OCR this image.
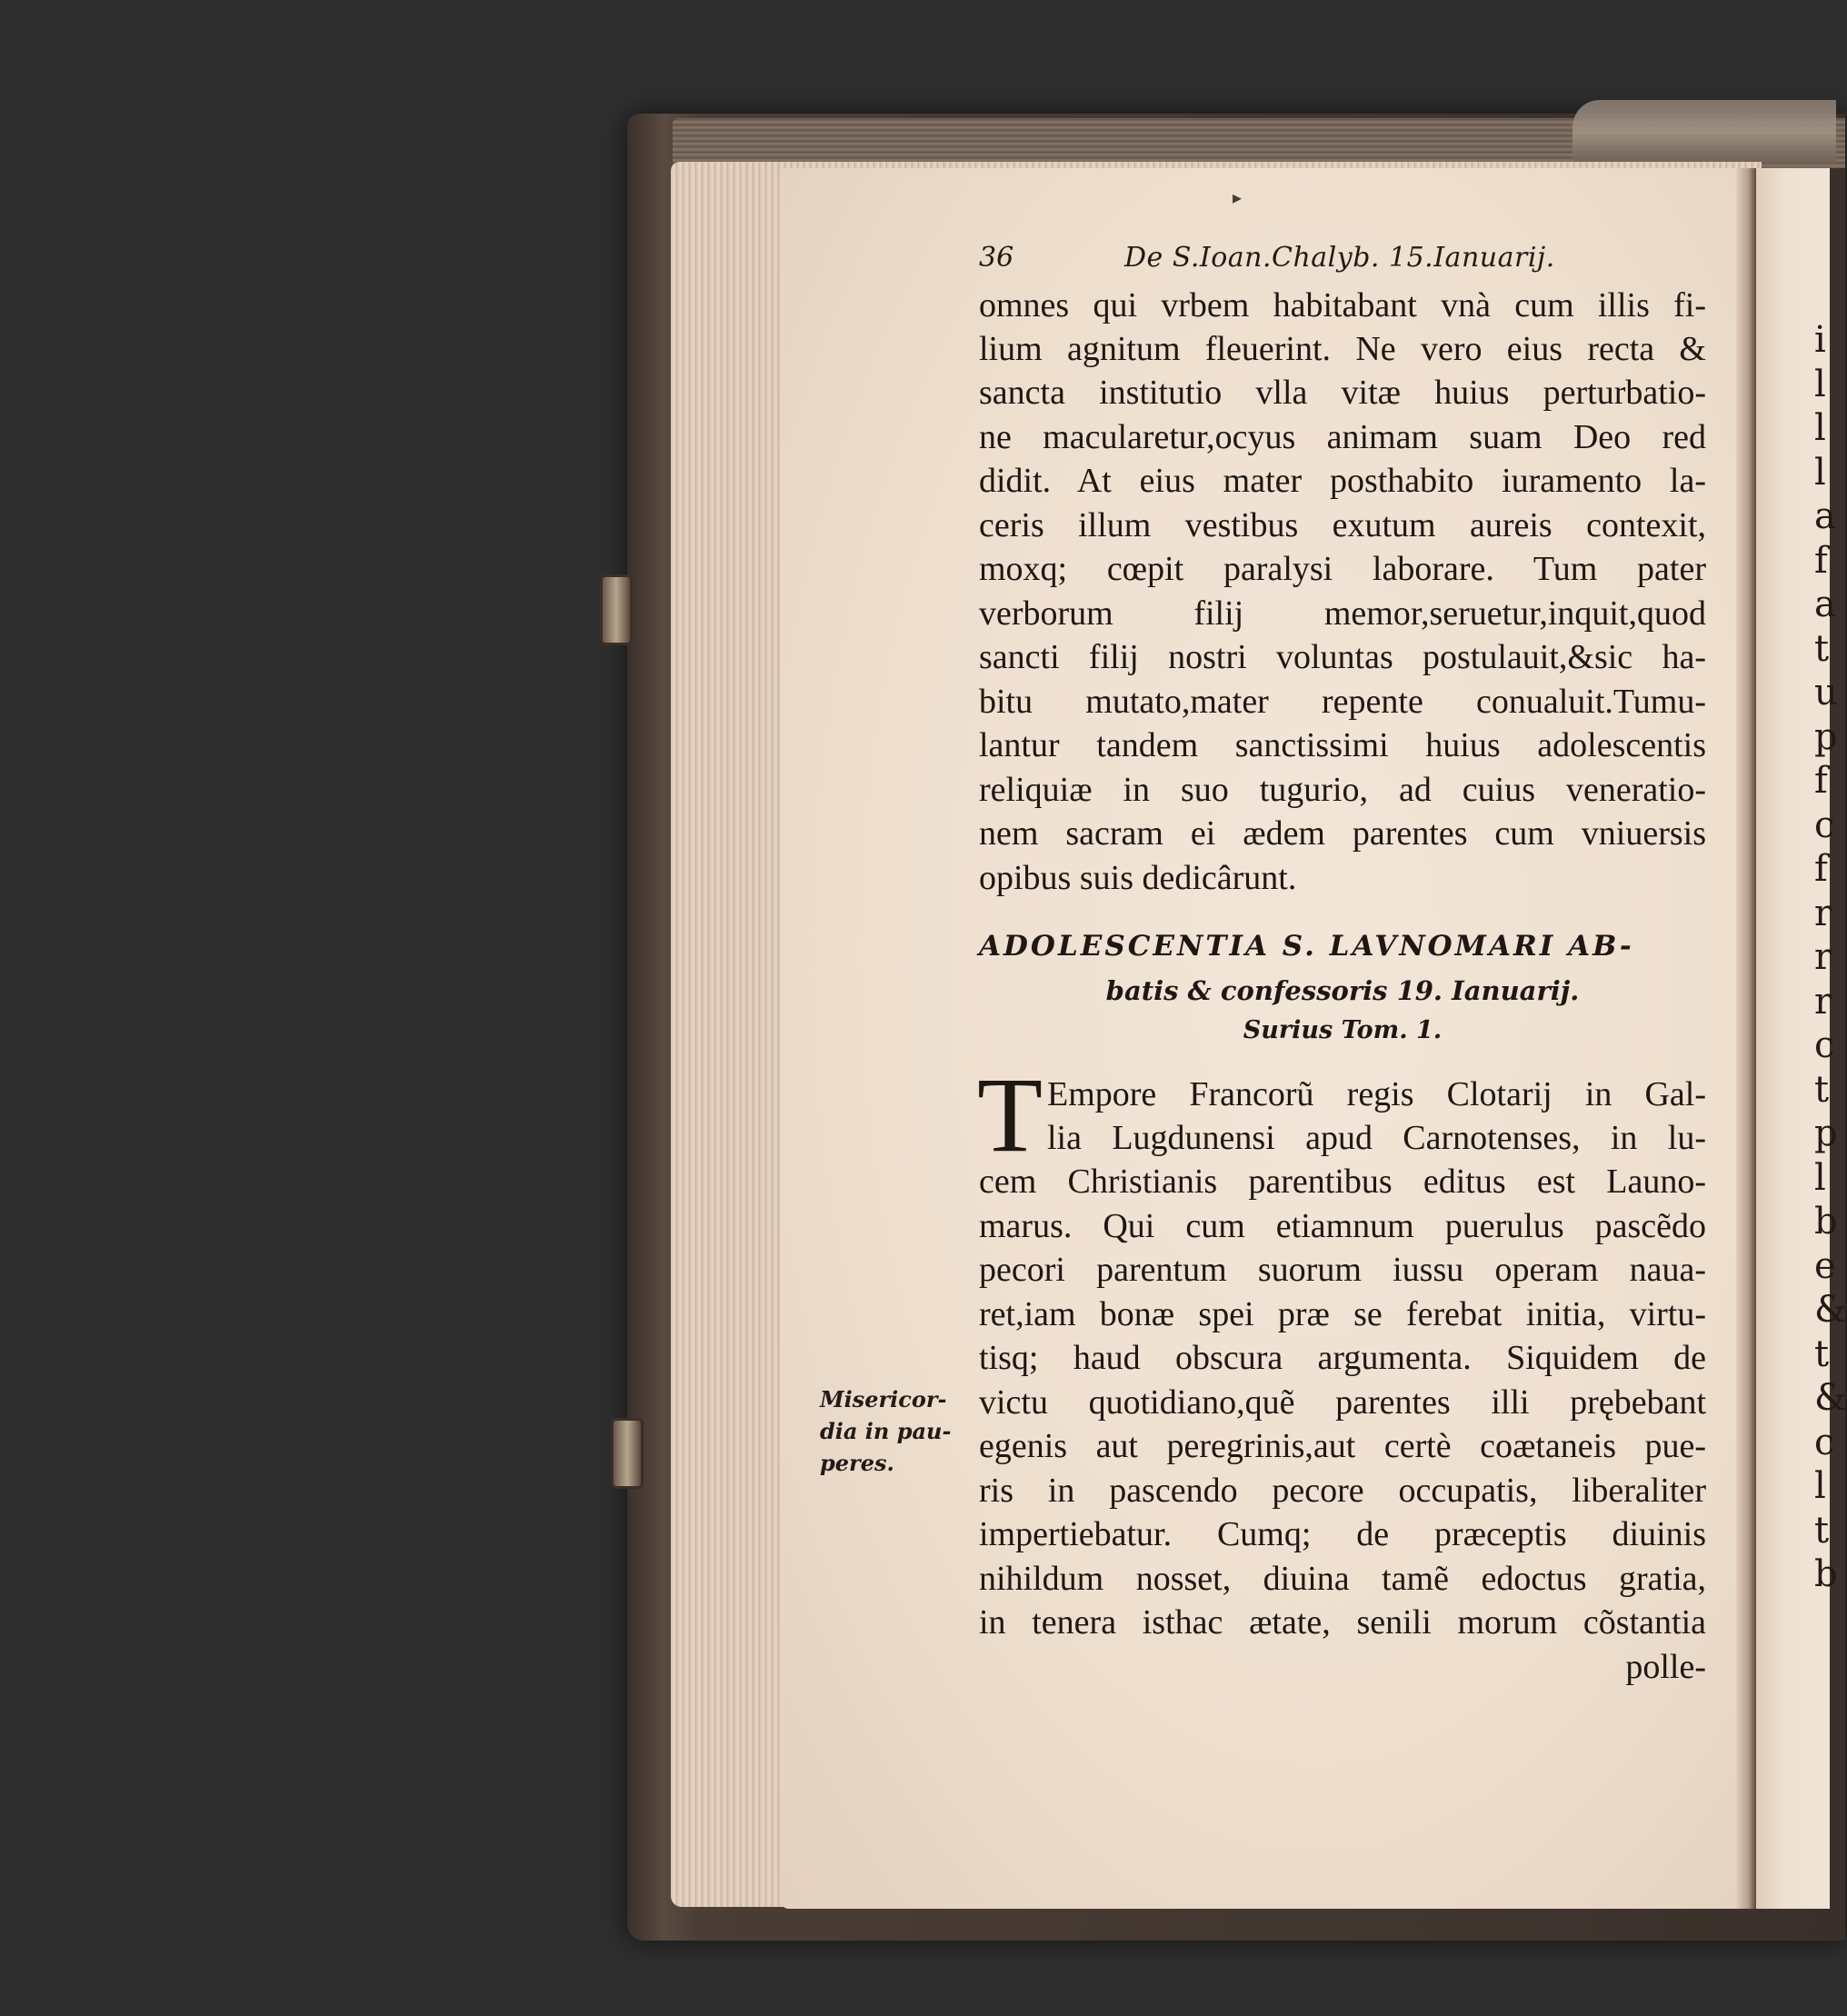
i
l
l
l
a
f
a
t
u
p
f
c
f
r
r
r
c
t
p
l
b
e
&
t
&
c
l
t
b
▸
36	De S.Ioan.Chalyb. 15.Ianuarij.
omnes qui vrbem habitabant vnà cum illis fi-
lium agnitum fleuerint. Ne vero eius recta &
sancta institutio vlla vitæ huius perturbatio-
ne macularetur,ocyus animam suam Deo red
didit. At eius mater posthabito iuramento la-
ceris illum vestibus exutum aureis contexit,
moxq; cœpit paralysi laborare. Tum pater
verborum filij memor,seruetur,inquit,quod
sancti filij nostri voluntas postulauit,&sic ha-
bitu mutato,mater repente conualuit.Tumu-
lantur tandem sanctissimi huius adolescentis
reliquiæ in suo tugurio, ad cuius veneratio-
nem sacram ei ædem parentes cum vniuersis
opibus suis dedicârunt.
ADOLESCENTIA S. LAVNOMARI AB-
batis & confessoris 19. Ianuarij.
Surius Tom. 1.
T Empore Francorũ regis Clotarij in Gal-
lia Lugdunensi apud Carnotenses, in lu-
cem Christianis parentibus editus est Launo-
marus. Qui cum etiamnum puerulus pascẽdo
pecori parentum suorum iussu operam naua-
ret,iam bonæ spei præ se ferebat initia, virtu-
tisq; haud obscura argumenta. Siquidem de
victu quotidiano,quẽ parentes illi prębebant
egenis aut peregrinis,aut certè coætaneis pue-
ris in pascendo pecore occupatis, liberaliter
impertiebatur. Cumq; de præceptis diuinis
nihildum nosset, diuina tamẽ edoctus gratia,
in tenera isthac ætate, senili morum cõstantia
polle-
Misericor-
dia in pau-
peres.
